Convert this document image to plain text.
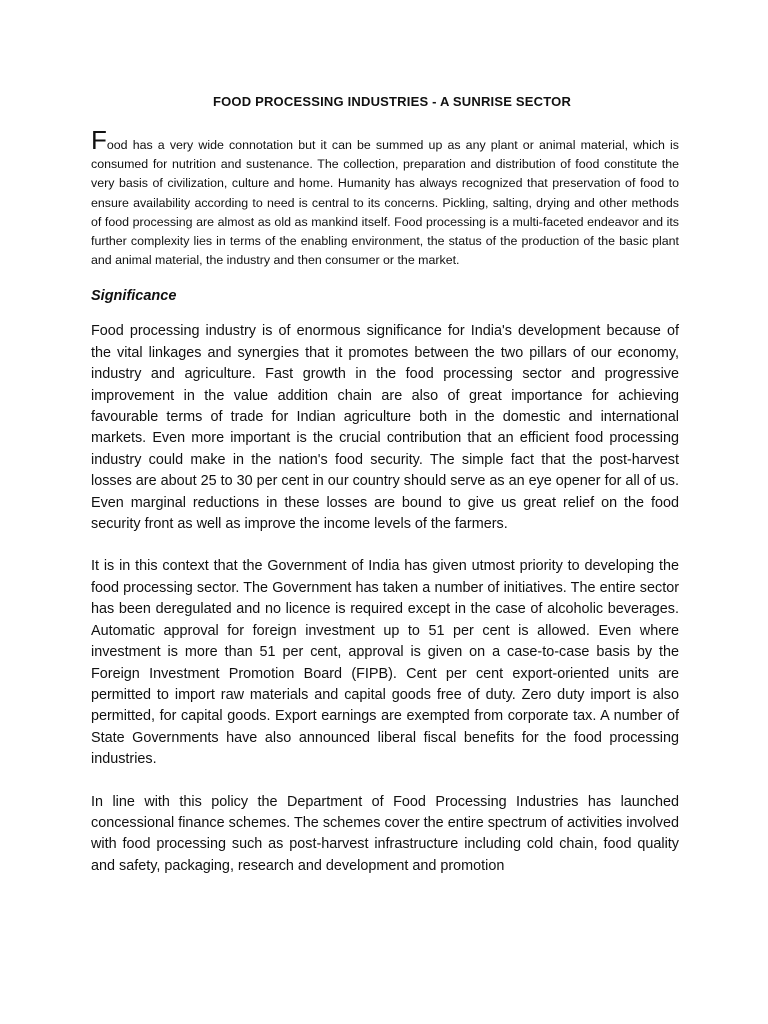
FOOD PROCESSING INDUSTRIES - A SUNRISE SECTOR

Food has a very wide connotation but it can be summed up as any plant or animal material, which is consumed for nutrition and sustenance. The collection, preparation and distribution of food constitute the very basis of civilization, culture and home. Humanity has always recognized that preservation of food to ensure availability according to need is central to its concerns. Pickling, salting, drying and other methods of food processing are almost as old as mankind itself. Food processing is a multi-faceted endeavor and its further complexity lies in terms of the enabling environment, the status of the production of the basic plant and animal material, the industry and then consumer or the market.

Significance

Food processing industry is of enormous significance for India's development because of the vital linkages and synergies that it promotes between the two pillars of our economy, industry and agriculture. Fast growth in the food processing sector and progressive improvement in the value addition chain are also of great importance for achieving favourable terms of trade for Indian agriculture both in the domestic and international markets. Even more important is the crucial contribution that an efficient food processing industry could make in the nation's food security. The simple fact that the post-harvest losses are about 25 to 30 per cent in our country should serve as an eye opener for all of us. Even marginal reductions in these losses are bound to give us great relief on the food security front as well as improve the income levels of the farmers.

It is in this context that the Government of India has given utmost priority to developing the food processing sector. The Government has taken a number of initiatives. The entire sector has been deregulated and no licence is required except in the case of alcoholic beverages. Automatic approval for foreign investment up to 51 per cent is allowed. Even where investment is more than 51 per cent, approval is given on a case-to-case basis by the Foreign Investment Promotion Board (FIPB). Cent per cent export-oriented units are permitted to import raw materials and capital goods free of duty. Zero duty import is also permitted, for capital goods. Export earnings are exempted from corporate tax. A number of State Governments have also announced liberal fiscal benefits for the food processing industries.

In line with this policy the Department of Food Processing Industries has launched concessional finance schemes. The schemes cover the entire spectrum of activities involved with food processing such as post-harvest infrastructure including cold chain, food quality and safety, packaging, research and development and promotion
